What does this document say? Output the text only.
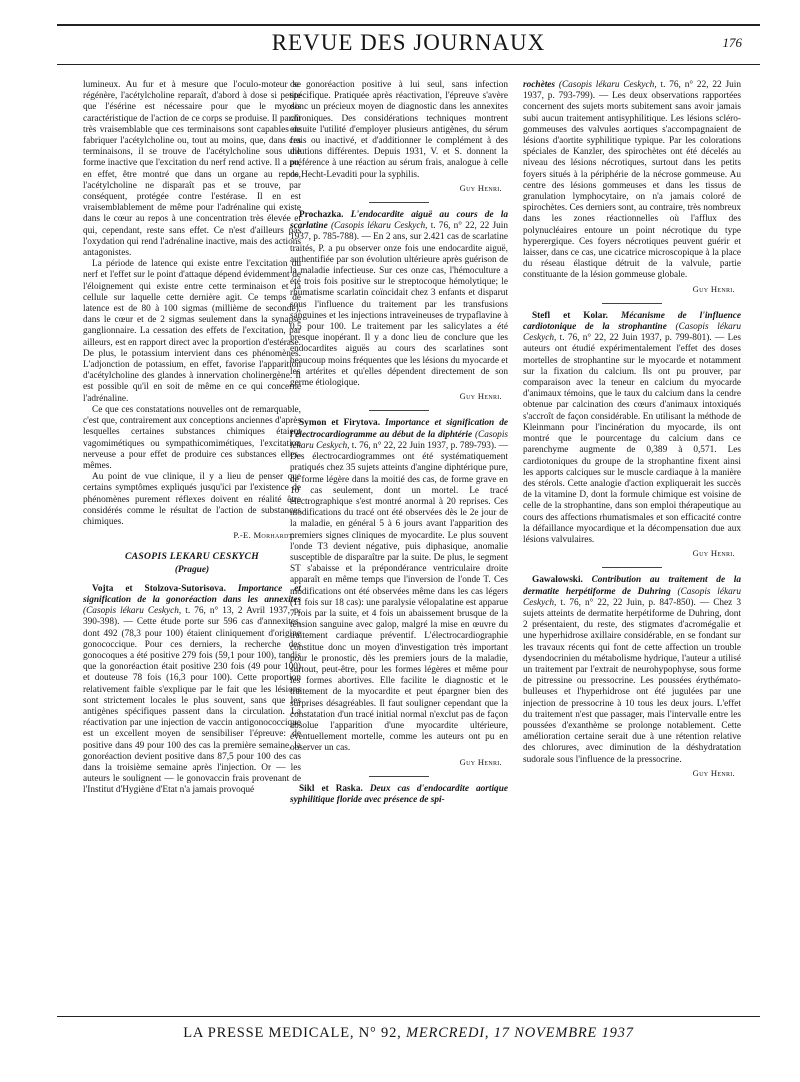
REVUE DES JOURNAUX	176

lumineux. Au fur et à mesure que l'oculo-moteur se régénère, l'acétylcholine reparaît, d'abord à dose si petite que l'ésérine est nécessaire pour que le myosis caractéristique de l'action de ce corps se produise. Il paraît très vraisemblable que ces terminaisons sont capables de fabriquer l'acétylcholine ou, tout au moins, que, dans ces terminaisons, il se trouve de l'acétylcholine sous une forme inactive que l'excitation du nerf rend active. Il a pu, en effet, être montré que dans un organe au repos, l'acétylcholine ne disparaît pas et se trouve, par conséquent, protégée contre l'estérase. Il en est vraisemblablement de même pour l'adrénaline qui existe dans le cœur au repos à une concentration très élevée et qui, cependant, reste sans effet. Ce n'est d'ailleurs pas l'oxydation qui rend l'adrénaline inactive, mais des actions antagonistes.

La période de latence qui existe entre l'excitation du nerf et l'effet sur le point d'attaque dépend évidemment de l'éloignement qui existe entre cette terminaison et la cellule sur laquelle cette dernière agit. Ce temps de latence est de 80 à 100 sigmas (millième de seconde), dans le cœur et de 2 sigmas seulement dans la synapse ganglionnaire. La cessation des effets de l'excitation, par ailleurs, est en rapport direct avec la proportion d'estérase. De plus, le potassium intervient dans ces phénomènes. L'adjonction de potassium, en effet, favorise l'apparition d'acétylcholine des glandes à innervation cholinergène. Il est possible qu'il en soit de même en ce qui concerne l'adrénaline.

Ce que ces constatations nouvelles ont de remarquable, c'est que, contrairement aux conceptions anciennes d'après lesquelles certaines substances chimiques étaient vagomimétiques ou sympathicomimétiques, l'excitation nerveuse a pour effet de produire ces substances elles-mêmes.

Au point de vue clinique, il y a lieu de penser que certains symptômes expliqués jusqu'ici par l'existence de phénomènes purement réflexes doivent en réalité être considérés comme le résultat de l'action de substances chimiques.

P.-E. Morhardt.
CASOPIS LEKARU CESKYCH
(Prague)

Vojta et Stolzova-Sutorisova. Importance et signification de la gonoréaction dans les annexites (Casopis lékaru Ceskych, t. 76, n° 13, 2 Avril 1937, p. 390-398). — Cette étude porte sur 596 cas d'annexites, dont 492 (78,3 pour 100) étaient cliniquement d'origine gonococcique. Pour ces derniers, la recherche des gonocoques a été positive 279 fois (59,1 pour 100), tandis que la gonoréaction était positive 230 fois (49 pour 100) et douteuse 78 fois (16,3 pour 100). Cette proportion relativement faible s'explique par le fait que les lésions sont strictement locales le plus souvent, sans que les antigènes spécifiques passent dans la circulation. La réactivation par une injection de vaccin antigonococcique est un excellent moyen de sensibiliser l'épreuve: de positive dans 49 pour 100 des cas la première semaine, la gonoréaction devient positive dans 87,5 pour 100 des cas dans la troisième semaine après l'injection. Or — les auteurs le soulignent — le gonovaccin frais provenant de l'Institut d'Hygiène d'Etat n'a jamais provoqué

de gonoréaction positive à lui seul, sans infection spécifique. Pratiquée après réactivation, l'épreuve s'avère donc un précieux moyen de diagnostic dans les annexites chroniques. Des considérations techniques montrent ensuite l'utilité d'employer plusieurs antigènes, du sérum frais ou inactivé, et d'additionner le complément à des dilutions différentes. Depuis 1931, V. et S. donnent la préférence à une réaction au sérum frais, analogue à celle de Hecht-Levaditi pour la syphilis.

Guy Henri.

Prochazka. L'endocardite aiguë au cours de la scarlatine (Casopis lékaru Ceskych, t. 76, n° 22, 22 Juin 1937, p. 785-788). — En 2 ans, sur 2.421 cas de scarlatine traités, P. a pu observer onze fois une endocardite aiguë, authentifiée par son évolution ultérieure après guérison de la maladie infectieuse. Sur ces onze cas, l'hémoculture a été trois fois positive sur le streptocoque hémolytique; le rhumatisme scarlatin coïncidait chez 3 enfants et disparut sous l'influence du traitement par les transfusions sanguines et les injections intraveineuses de trypaflavine à 0,5 pour 100. Le traitement par les salicylates a été presque inopérant. Il y a donc lieu de conclure que les endocardites aiguës au cours des scarlatines sont beaucoup moins fréquentes que les lésions du myocarde et les artérites et qu'elles dépendent directement de son germe étiologique.

Guy Henri.

Symon et Firytova. Importance et signification de l'électrocardiogramme au début de la diphtérie (Casopis lékaru Ceskych, t. 76, n° 22, 22 Juin 1937, p. 789-793). — Des électrocardiogrammes ont été systématiquement pratiqués chez 35 sujets atteints d'angine diphtérique pure, de forme légère dans la moitié des cas, de forme grave en 10 cas seulement, dont un mortel. Le tracé électrographique s'est montré anormal à 20 reprises. Ces modifications du tracé ont été observées dès le 2e jour de la maladie, en général 5 à 6 jours avant l'apparition des premiers signes cliniques de myocardite. Le plus souvent l'onde T3 devient négative, puis diphasique, anomalie susceptible de disparaître par la suite. De plus, le segment ST s'abaisse et la prépondérance ventriculaire droite apparaît en même temps que l'inversion de l'onde T. Ces modifications ont été observées même dans les cas légers (11 fois sur 18 cas): une paralysie vélopalatine est apparue 7 fois par la suite, et 4 fois un abaissement brusque de la tension sanguine avec galop, malgré la mise en œuvre du traitement cardiaque préventif. L'électrocardiographie constitue donc un moyen d'investigation très important pour le pronostic, dès les premiers jours de la maladie, surtout, peut-être, pour les formes légères et même pour les formes abortives. Elle facilite le diagnostic et le traitement de la myocardite et peut épargner bien des surprises désagréables. Il faut souligner cependant que la constatation d'un tracé initial normal n'exclut pas de façon absolue l'apparition d'une myocardite ultérieure, éventuellement mortelle, comme les auteurs ont pu en observer un cas.

Guy Henri.

Sikl et Raska. Deux cas d'endocardite aortique syphilitique floride avec présence de spi-

rochètes (Casopis lékaru Ceskych, t. 76, n° 22, 22 Juin 1937, p. 793-799). — Les deux observations rapportées concernent des sujets morts subitement sans avoir jamais subi aucun traitement antisyphilitique. Les lésions scléro-gommeuses des valvules aortiques s'accompagnaient de lésions d'aortite syphilitique typique. Par les colorations spéciales de Kanzler, des spirochètes ont été décelés au niveau des lésions nécrotiques, surtout dans les petits foyers situés à la périphérie de la nécrose gommeuse. Au centre des lésions gommeuses et dans les tissus de granulation lymphocytaire, on n'a jamais coloré de spirochètes. Ces derniers sont, au contraire, très nombreux dans les zones réactionnelles où l'afflux des polynucléaires entoure un point nécrotique du type hyperergique. Ces foyers nécrotiques peuvent guérir et laisser, dans ce cas, une cicatrice microscopique à la place du réseau élastique détruit de la valvule, partie constituante de la lésion gommeuse globale.

Guy Henri.

Stefl et Kolar. Mécanisme de l'influence cardiotonique de la strophantine (Casopis lékaru Ceskych, t. 76, n° 22, 22 Juin 1937, p. 799-801). — Les auteurs ont étudié expérimentalement l'effet des doses mortelles de strophantine sur le myocarde et notamment sur la fixation du calcium. Ils ont pu prouver, par comparaison avec la teneur en calcium du myocarde d'animaux témoins, que le taux du calcium dans la cendre obtenue par calcination des cœurs d'animaux intoxiqués s'accroît de façon considérable. En utilisant la méthode de Kleinmann pour l'incinération du myocarde, ils ont montré que le pourcentage du calcium dans ce parenchyme augmente de 0,389 à 0,571. Les cardiotoniques du groupe de la strophantine fixent ainsi les apports calciques sur le muscle cardiaque à la manière des stérols. Cette analogie d'action expliquerait les succès de la vitamine D, dont la formule chimique est voisine de celle de la strophantine, dans son emploi thérapeutique au cours des affections rhumatismales et son efficacité contre la défaillance myocardique et la décompensation due aux lésions valvulaires.

Guy Henri.

Gawalowski. Contribution au traitement de la dermatite herpétiforme de Duhring (Casopis lékaru Ceskych, t. 76, n° 22, 22 Juin, p. 847-850). — Chez 3 sujets atteints de dermatite herpétiforme de Duhring, dont 2 présentaient, du reste, des stigmates d'acromégalie et une hyperhidrose axillaire considérable, en se fondant sur les travaux récents qui font de cette affection un trouble dysendocrinien du métabolisme hydrique, l'auteur a utilisé un traitement par l'extrait de neurohypophyse, sous forme de pitressine ou pressocrine. Les poussées érythémato-bulleuses et l'hyperhidrose ont été jugulées par une injection de pressocrine à 10 tous les deux jours. L'effet du traitement n'est que passager, mais l'intervalle entre les poussées d'exanthème se prolonge notablement. Cette amélioration certaine serait due à une rétention relative des chlorures, avec diminution de la déshydratation sudorale sous l'influence de la pressocrine.

Guy Henri.
LA PRESSE MEDICALE, N° 92, MERCREDI, 17 NOVEMBRE 1937
